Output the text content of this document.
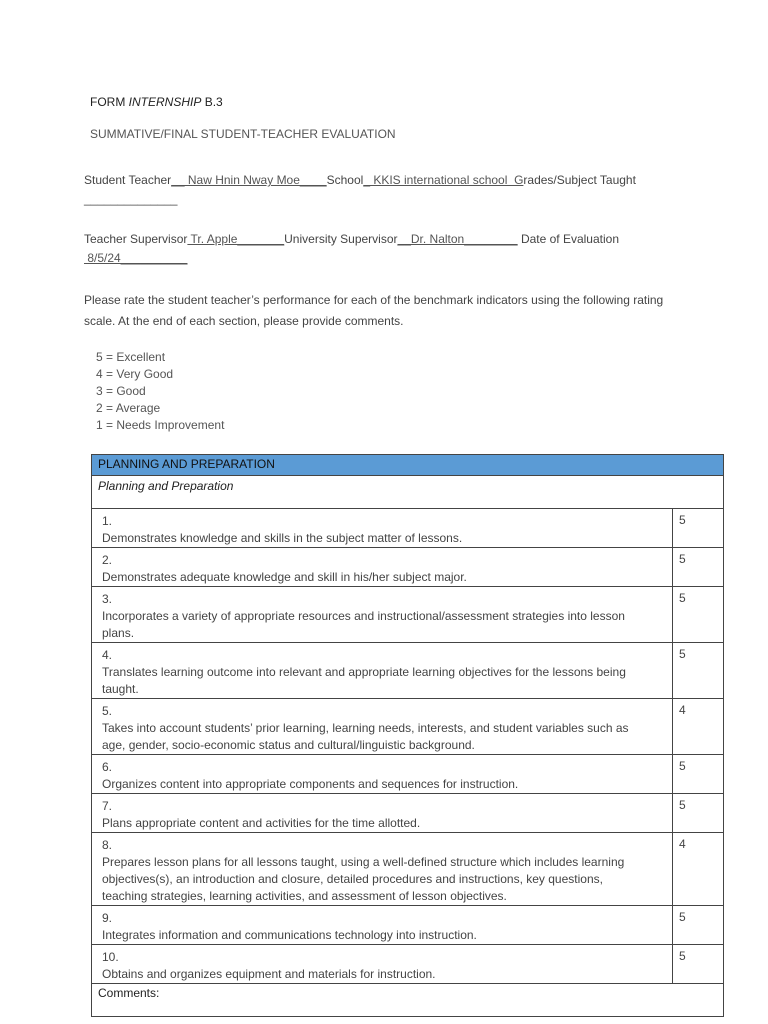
FORM INTERNSHIP B.3
SUMMATIVE/FINAL STUDENT-TEACHER EVALUATION
Student Teacher__ Naw Hnin Nway Moe____School_ KKIS international school  Grades/Subject Taught
______________
Teacher Supervisor Tr. Apple_______University Supervisor__Dr. Nalton________ Date of Evaluation
8/5/24__________
Please rate the student teacher’s performance for each of the benchmark indicators using the following rating scale. At the end of each section, please provide comments.
5 = Excellent
4 = Very Good
3 = Good
2 = Average
1 = Needs Improvement
PLANNING AND PREPARATION	
Planning and Preparation	
1.Demonstrates knowledge and skills in the subject matter of lessons.	5
2.Demonstrates adequate knowledge and skill in his/her subject major.	5
3.Incorporates a variety of appropriate resources and instructional/assessment strategies into lesson plans.	5
4.Translates learning outcome into relevant and appropriate learning objectives for the lessons being taught.	5
5.Takes into account students’ prior learning, learning needs, interests, and student variables such as age, gender, socio-economic status and cultural/linguistic background.	4
6.Organizes content into appropriate components and sequences for instruction.	5
7.Plans appropriate content and activities for the time allotted.	5
8.Prepares lesson plans for all lessons taught, using a well-defined structure which includes learning objectives(s), an introduction and closure, detailed procedures and instructions, key questions, teaching strategies, learning activities, and assessment of lesson objectives.	4
9.Integrates information and communications technology into instruction.	5
10.Obtains and organizes equipment and materials for instruction.	5
Comments:	
